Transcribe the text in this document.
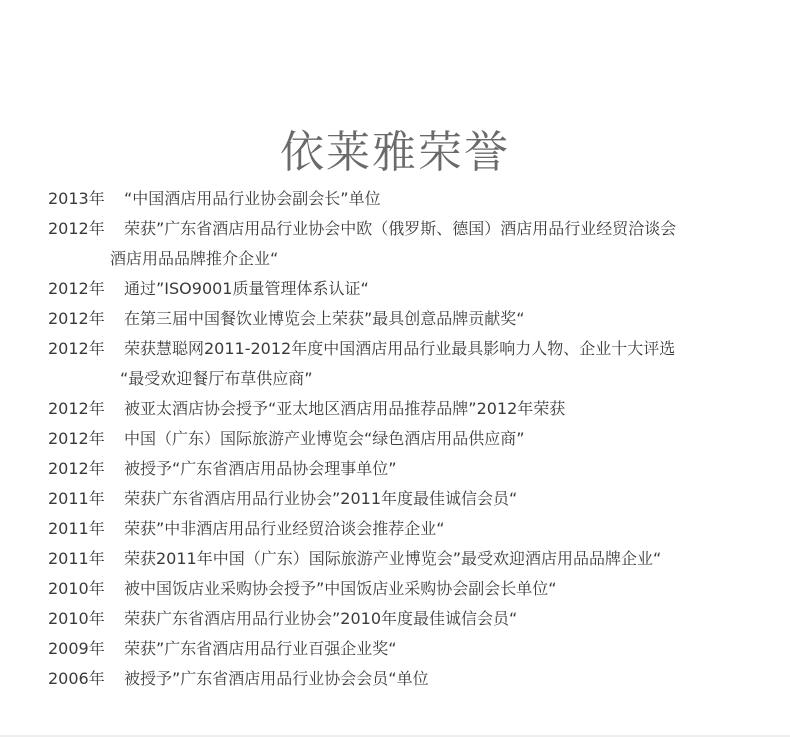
依莱雅荣誉
2013年	“中国酒店用品行业协会副会长”单位
2012年	荣获”广东省酒店用品行业协会中欧（俄罗斯、德国）酒店用品行业经贸洽谈会
酒店用品品牌推介企业“
2012年	通过”ISO9001质量管理体系认证“
2012年	在第三届中国餐饮业博览会上荣获”最具创意品牌贡献奖“
2012年	荣获慧聪网2011-2012年度中国酒店用品行业最具影响力人物、企业十大评选
“最受欢迎餐厅布草供应商”
2012年	被亚太酒店协会授予“亚太地区酒店用品推荐品牌”2012年荣获
2012年	中国（广东）国际旅游产业博览会“绿色酒店用品供应商”
2012年	被授予“广东省酒店用品协会理事单位”
2011年	荣获广东省酒店用品行业协会”2011年度最佳诚信会员“
2011年	荣获”中非酒店用品行业经贸洽谈会推荐企业“
2011年	荣获2011年中国（广东）国际旅游产业博览会”最受欢迎酒店用品品牌企业“
2010年	被中国饭店业采购协会授予”中国饭店业采购协会副会长单位“
2010年	荣获广东省酒店用品行业协会”2010年度最佳诚信会员“
2009年	荣获”广东省酒店用品行业百强企业奖“
2006年	被授予”广东省酒店用品行业协会会员“单位
